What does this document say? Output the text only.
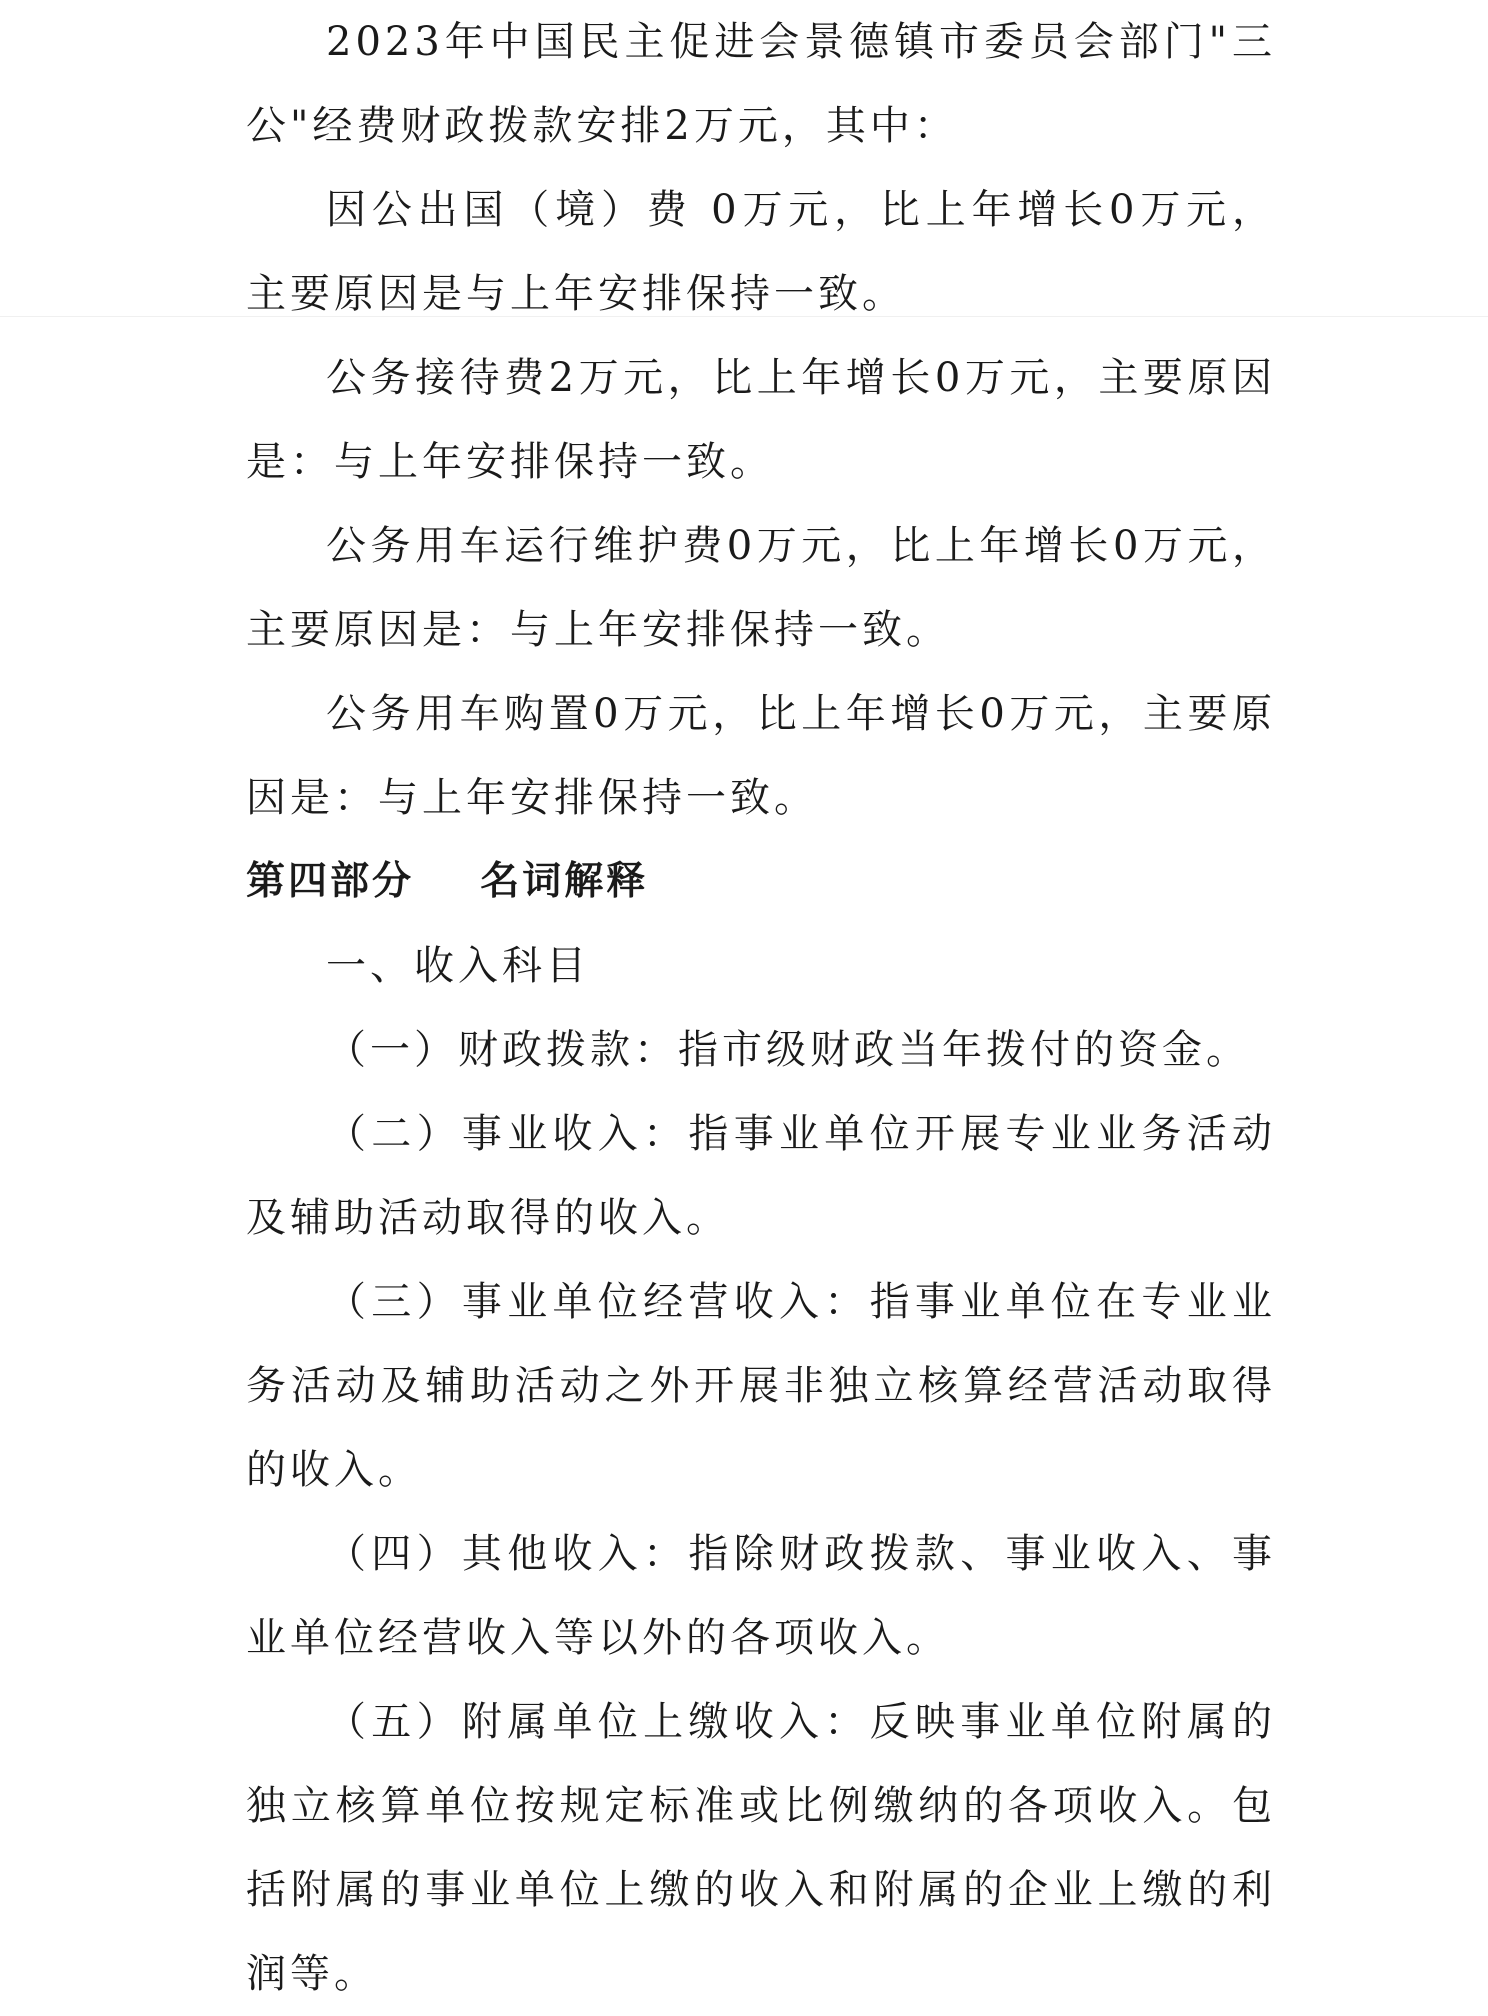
2023年中国民主促进会景德镇市委员会部门"三公"经费财政拨款安排2万元，其中：

因公出国（境）费 0万元，比上年增长0万元，主要原因是与上年安排保持一致。

公务接待费2万元，比上年增长0万元，主要原因是：与上年安排保持一致。

公务用车运行维护费0万元，比上年增长0万元，主要原因是：与上年安排保持一致。

公务用车购置0万元，比上年增长0万元，主要原因是：与上年安排保持一致。

第四部分    名词解释

一、收入科目

（一）财政拨款：指市级财政当年拨付的资金。

（二）事业收入：指事业单位开展专业业务活动及辅助活动取得的收入。

（三）事业单位经营收入：指事业单位在专业业务活动及辅助活动之外开展非独立核算经营活动取得的收入。

（四）其他收入：指除财政拨款、事业收入、事业单位经营收入等以外的各项收入。

（五）附属单位上缴收入：反映事业单位附属的独立核算单位按规定标准或比例缴纳的各项收入。包括附属的事业单位上缴的收入和附属的企业上缴的利润等。
